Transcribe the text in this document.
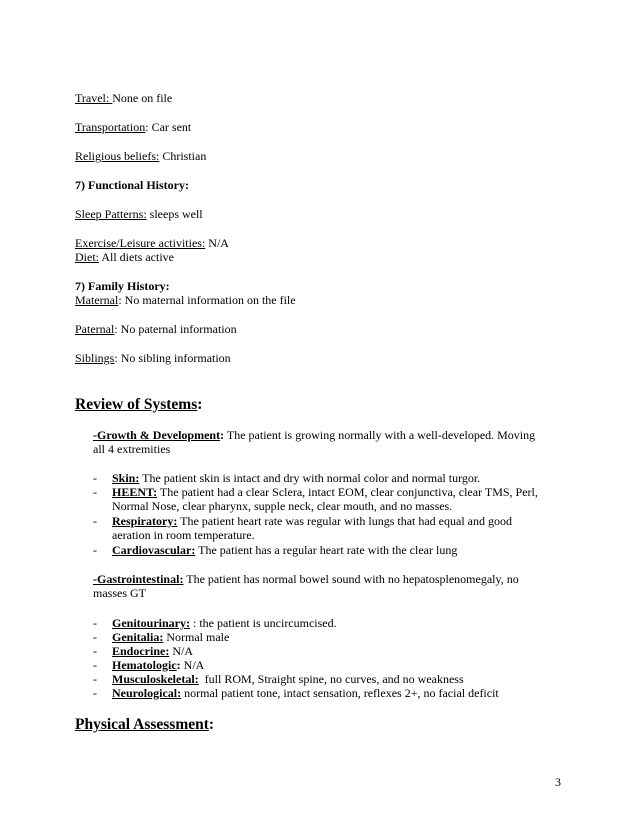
Travel: None on file
Transportation: Car sent
Religious beliefs: Christian
7) Functional History:
Sleep Patterns: sleeps well
Exercise/Leisure activities: N/A
Diet: All diets active
7) Family History:
Maternal: No maternal information on the file
Paternal: No paternal information
Siblings: No sibling information
Review of Systems:
-Growth & Development: The patient is growing normally with a well-developed. Moving
all 4 extremities
- Skin: The patient skin is intact and dry with normal color and normal turgor.
- HEENT: The patient had a clear Sclera, intact EOM, clear conjunctiva, clear TMS, Perl,
Normal Nose, clear pharynx, supple neck, clear mouth, and no masses.
- Respiratory: The patient heart rate was regular with lungs that had equal and good
aeration in room temperature.
- Cardiovascular: The patient has a regular heart rate with the clear lung
-Gastrointestinal: The patient has normal bowel sound with no hepatosplenomegaly, no
masses GT
- Genitourinary: : the patient is uncircumcised.
- Genitalia: Normal male
- Endocrine: N/A
- Hematologic: N/A
- Musculoskeletal:  full ROM, Straight spine, no curves, and no weakness
- Neurological: normal patient tone, intact sensation, reflexes 2+, no facial deficit
Physical Assessment:
3
